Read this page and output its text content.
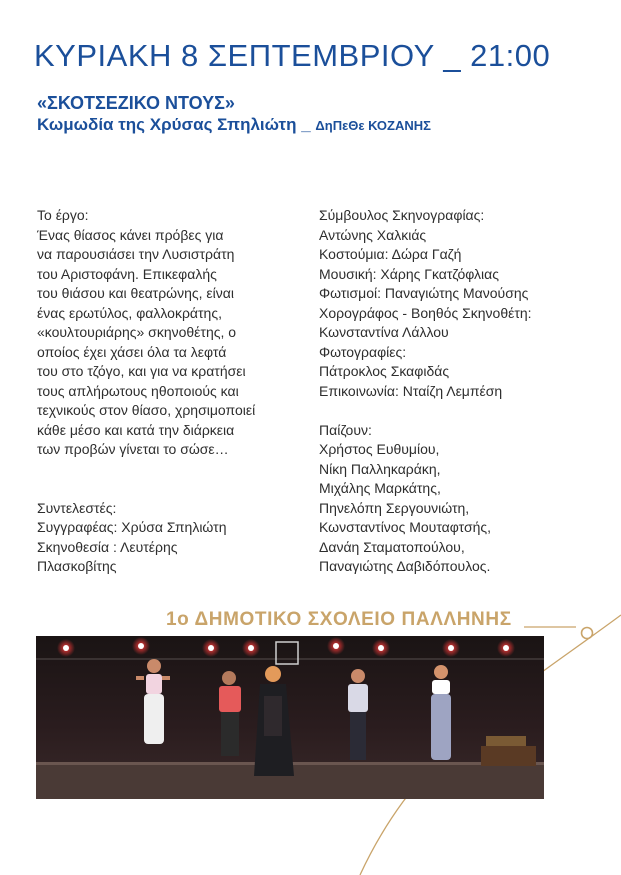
ΚΥΡΙΑΚΗ 8 ΣΕΠΤΕΜΒΡΙΟΥ _ 21:00
«ΣΚΟΤΣΕΖΙΚΟ ΝΤΟΥΣ»
Κωμωδία της Χρύσας Σπηλιώτη _ ΔηΠεΘε ΚΟΖΑΝΗΣ

Το έργο:

Ένας θίασος κάνει πρόβες για

να παρουσιάσει την Λυσιστράτη

του Αριστοφάνη. Επικεφαλής

του θιάσου και θεατρώνης, είναι

ένας ερωτύλος, φαλλοκράτης,

«κουλτουριάρης» σκηνοθέτης, ο

οποίος έχει χάσει όλα τα λεφτά

του στο τζόγο, και για να κρατήσει

τους απλήρωτους ηθοποιούς και

τεχνικούς στον θίασο, χρησιμοποιεί

κάθε μέσο και κατά την διάρκεια

των προβών γίνεται το σώσε…

Συντελεστές:

Συγγραφέας: Χρύσα Σπηλιώτη

Σκηνοθεσία : Λευτέρης

Πλασκοβίτης

Σύμβουλος Σκηνογραφίας:

Αντώνης Χαλκιάς

Κοστούμια: Δώρα Γαζή

Μουσική: Χάρης Γκατζόφλιας

Φωτισμοί: Παναγιώτης Μανούσης

Χορογράφος - Βοηθός Σκηνοθέτη:

Κωνσταντίνα Λάλλου

Φωτογραφίες:

Πάτροκλος Σκαφιδάς

Επικοινωνία: Νταίζη Λεμπέση

Παίζουν:

Χρήστος Ευθυμίου,

Νίκη Παλληκαράκη,

Μιχάλης Μαρκάτης,

Πηνελόπη Σεργουνιώτη,

Κωνσταντίνος Μουταφτσής,

Δανάη Σταματοπούλου,

Παναγιώτης Δαβιδόπουλος.

1ο ΔΗΜΟΤΙΚΟ ΣΧΟΛΕΙΟ ΠΑΛΛΗΝΗΣ
